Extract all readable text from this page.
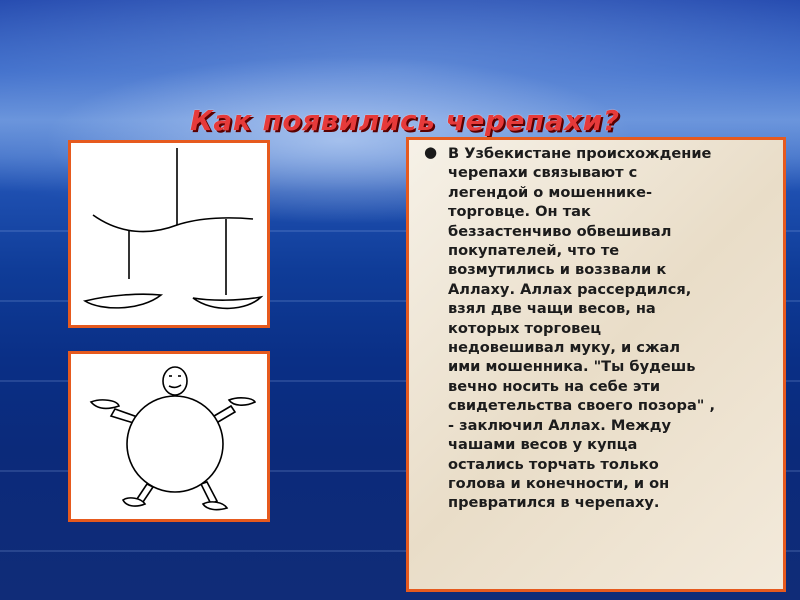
Как появились черепахи?
● В Узбекистане происхождение
черепахи связывают с
легендой о мошеннике-
торговце. Он так
беззастенчиво обвешивал
покупателей, что те
возмутились и воззвали к
Аллаху. Аллах рассердился,
взял две чащи весов, на
которых торговец
недовешивал муку, и сжал
ими мошенника. "Ты будешь
вечно носить на себе эти
свидетельства своего позора" ,
- заключил Аллах. Между
чашами весов у купца
остались торчать только
голова и конечности, и он
превратился в черепаху.
